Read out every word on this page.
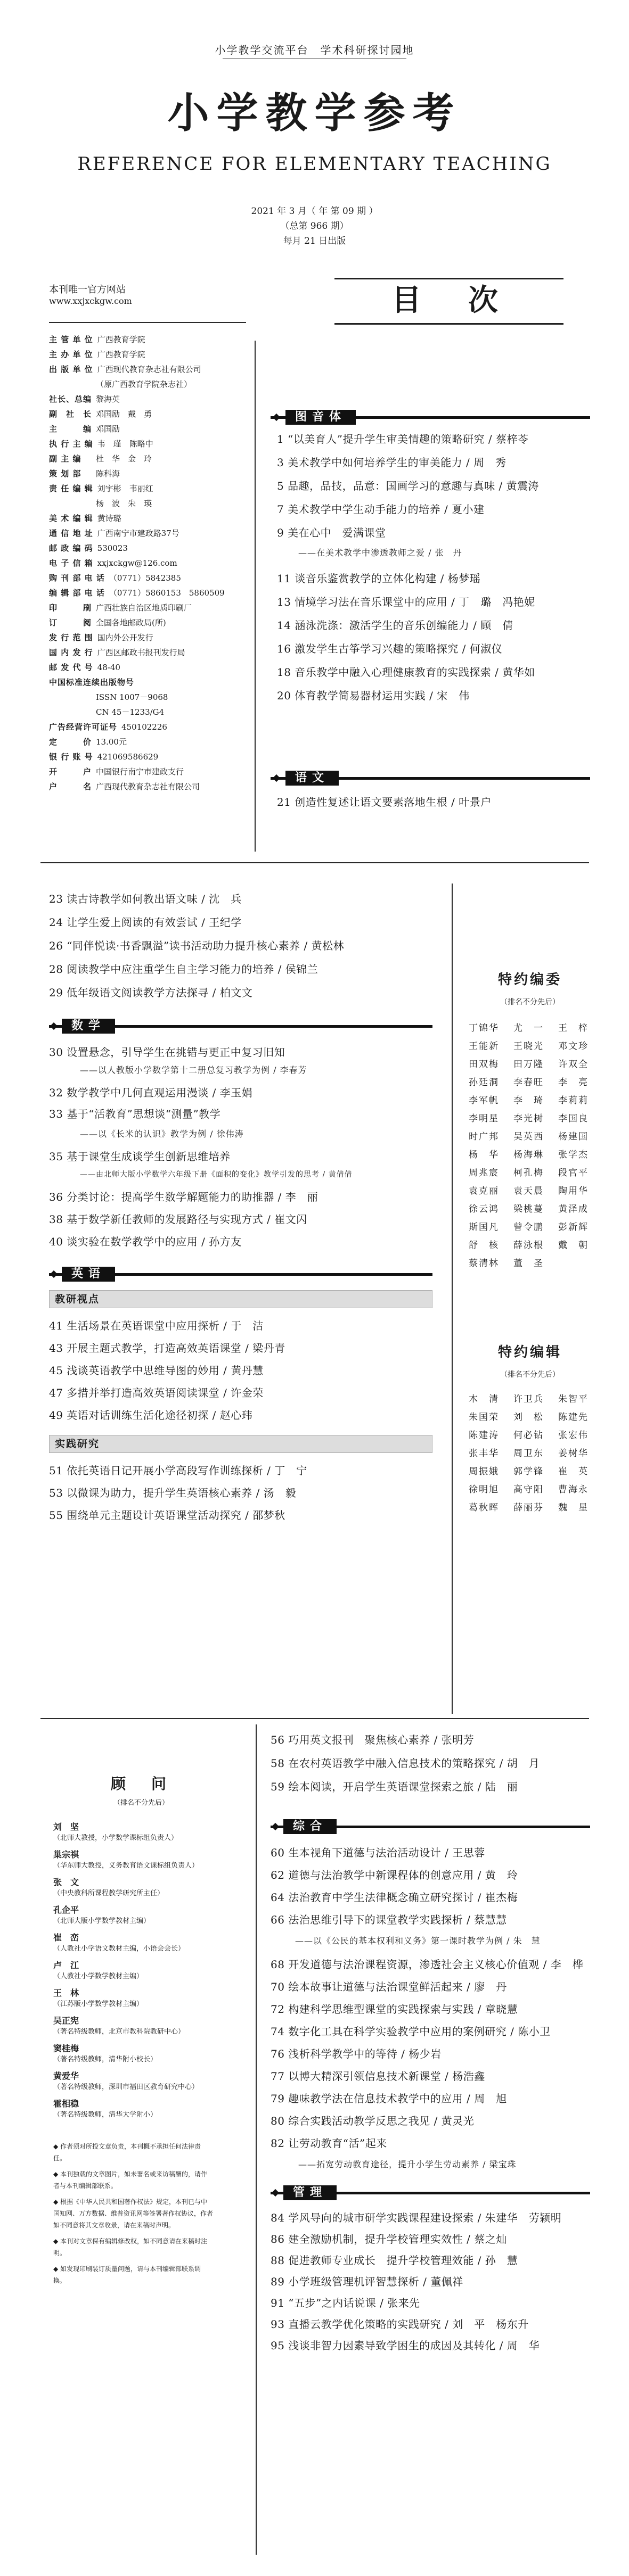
小学教学交流平台　学术科研探讨园地
小学教学参考
REFERENCE FOR ELEMENTARY TEACHING
2021 年 3 月（ 年 第 09 期 ）
（总第 966 期）
每月 21 日出版
本刊唯一官方网站
www.xxjxckgw.com	目　次
图音体
语文
特约编委
（排名不分先后）
丁锦华	尤　一	王　梓
王能新	王晓光	邓文珍
田双梅	田万隆	许双全
孙廷洞	李春旺	李　亮
李军帆	李　琦	李莉莉
李明星	李光树	李国良
时广邦	吴英西	杨建国
杨　华	杨海琳	张学杰
周兆宸	柯孔梅	段官平
袁克丽	袁天晨	陶用华
徐云鸿	梁桃蔓	黄泽成
斯国凡	曾令鹏	彭新辉
舒　核	薛泳根	戴　朝
蔡清林	董　圣
特约编辑
（排名不分先后）
木　清	许卫兵	朱智平
朱国荣	刘　松	陈建先
陈建涛	何必钻	张宏伟
张丰华	周卫东	姜树华
周振娥	郭学锋	崔　英
徐明旭	高守阳	曹海永
葛秋晖	薛丽芬	魏　星
顾　问
（排名不分先后）
主 管 单 位 广西教育学院
主 办 单 位 广西教育学院
出 版 单 位 广西现代教育杂志社有限公司
（原广西教育学院杂志社）
社长、总编 黎海英
副　社　长 邓国励　戴　勇
主　　　编 邓国励
执 行 主 编 韦　瑾　陈略中
副 主 编 杜　华　金　玲
策 划 部 陈科海
责 任 编 辑 刘宇彬　韦丽红
杨　波　朱　瑛
美 术 编 辑 黄诗璐
通 信 地 址 广西南宁市建政路37号
邮 政 编 码 530023
电 子 信 箱 xxjxckgw@126.com
购 刊 部 电 话 （0771）5842385
编 辑 部 电 话 （0771）5860153　5860509
印　　　刷 广西壮族自治区地质印刷厂
订　　　阅 全国各地邮政局(所)
发 行 范 围 国内外公开发行
国 内 发 行 广西区邮政书报刊发行局
邮 发 代 号 48-40
中国标准连续出版物号
ISSN 1007－9068
CN 45－1233/G4
广告经营许可证号 450102226
定　　　价 13.00元
银 行 账 号 421069586629
开　　　户 中国银行南宁市建政支行
户　　　名 广西现代教育杂志社有限公司
1 “以美育人”提升学生审美情趣的策略研究 / 蔡梓苓
3 美术教学中如何培养学生的审美能力 / 周　秀
5 品趣，品技，品意：国画学习的意趣与真味 / 黄震涛
7 美术教学中学生动手能力的培养 / 夏小建
9 美在心中　爱满课堂
——在美术教学中渗透教师之爱 / 张　丹
11 谈音乐鉴赏教学的立体化构建 / 杨梦瑶
13 情境学习法在音乐课堂中的应用 / 丁　璐　冯艳妮
14 涵泳洗涤：激活学生的音乐创编能力 / 顾　倩
16 激发学生古筝学习兴趣的策略探究 / 何淑仪
18 音乐教学中融入心理健康教育的实践探索 / 黄华如
20 体育教学简易器材运用实践 / 宋　伟
21 创造性复述让语文要素落地生根 / 叶景户
23 读古诗教学如何教出语文味 / 沈　兵
24 让学生爱上阅读的有效尝试 / 王纪学
26 “同伴悦读·书香飘溢”读书活动助力提升核心素养 / 黄松林
28 阅读教学中应注重学生自主学习能力的培养 / 侯锦兰
29 低年级语文阅读教学方法探寻 / 柏文文
数学
30 设置悬念，引导学生在挑错与更正中复习旧知
——以人教版小学数学第十二册总复习教学为例 / 李春芳
32 数学教学中几何直观运用漫谈 / 李玉娟
33 基于“活教育”思想谈“测量”教学
——以《长米的认识》教学为例 / 徐伟涛
35 基于课堂生成谈学生创新思维培养
——由北师大版小学数学六年级下册《面积的变化》教学引发的思考 / 黄倩倩
36 分类讨论：提高学生数学解题能力的助推器 / 李　丽
38 基于数学新任教师的发展路径与实现方式 / 崔文闪
40 谈实验在数学教学中的应用 / 孙方友
英语
教研视点
41 生活场景在英语课堂中应用探析 / 于　洁
43 开展主题式教学，打造高效英语课堂 / 梁丹青
45 浅谈英语教学中思维导图的妙用 / 黄丹慧
47 多措并举打造高效英语阅读课堂 / 许金荣
49 英语对话训练生活化途径初探 / 赵心玮
实践研究
51 依托英语日记开展小学高段写作训练探析 / 丁　宁
53 以微课为助力，提升学生英语核心素养 / 汤　毅
55 围绕单元主题设计英语课堂活动探究 / 邵梦秋
刘　坚
（北师大教授，小学数学课标组负责人）
巢宗祺
（华东师大教授，义务教育语文课标组负责人）
张　文
（中央教科所课程教学研究所主任）
孔企平
（北师大版小学数学教材主编）
崔　峦
（人教社小学语文教材主编，小语会会长）
卢　江
（人教社小学数学教材主编）
王　林
（江苏版小学数学教材主编）
吴正宪
（著名特级教师，北京市教科院教研中心）
窦桂梅
（著名特级教师，清华附小校长）
黄爱华
（著名特级教师，深圳市福田区教育研究中心）
霍相稳
（著名特级教师，清华大学附小）
◆ 作者须对所投文章负责，本刊概不承担任何法律责任。
◆ 本刊独载的文章图片，如未署名或来访稿酬的，请作者与本刊编辑部联系。
◆ 根据《中华人民共和国著作权法》规定，本刊已与中国知网、万方数据、维普资讯网等签署著作权协议，作者如不同意将其文章收录，请在来稿时声明。
◆ 本刊对文章保有编辑修改权，如不同意请在来稿时注明。
◆ 如发现印刷装订质量问题，请与本刊编辑部联系调换。
56 巧用英文报刊　聚焦核心素养 / 张明芳
58 在农村英语教学中融入信息技术的策略探究 / 胡　月
59 绘本阅读，开启学生英语课堂探索之旅 / 陆　丽
综合
60 生本视角下道德与法治活动设计 / 王思蓉
62 道德与法治教学中新课程体的创意应用 / 黄　玲
64 法治教育中学生法律概念确立研究探讨 / 崔杰梅
66 法治思维引导下的课堂教学实践探析 / 蔡慧慧
　　——以《公民的基本权利和义务》第一课时教学为例 / 朱　慧
68 开发道德与法治课程资源，渗透社会主义核心价值观 / 李　桦
70 绘本故事让道德与法治课堂鲜活起来 / 廖　丹
72 构建科学思维型课堂的实践探索与实践 / 章晓慧
74 数字化工具在科学实验教学中应用的案例研究 / 陈小卫
76 浅析科学教学中的等待 / 杨少岩
77 以博大精深引领信息技术新课堂 / 杨浩鑫
79 趣味教学法在信息技术教学中的应用 / 周　旭
80 综合实践活动教学反思之我见 / 黄灵光
82 让劳动教育“活”起来
——拓宽劳动教育途径，提升小学生劳动素养 / 梁宝珠
管理
84 学风导向的城市研学实践课程建设探索 / 朱建华　劳颖明
86 建全激励机制，提升学校管理实效性 / 蔡之灿
88 促进教师专业成长　提升学校管理效能 / 孙　慧
89 小学班级管理机评智慧探析 / 董佩祥
91 “五步”之内话说课 / 张来先
93 直播云教学优化策略的实践研究 / 刘　平　杨东升
95 浅谈非智力因素导致学困生的成因及其转化 / 周　华
